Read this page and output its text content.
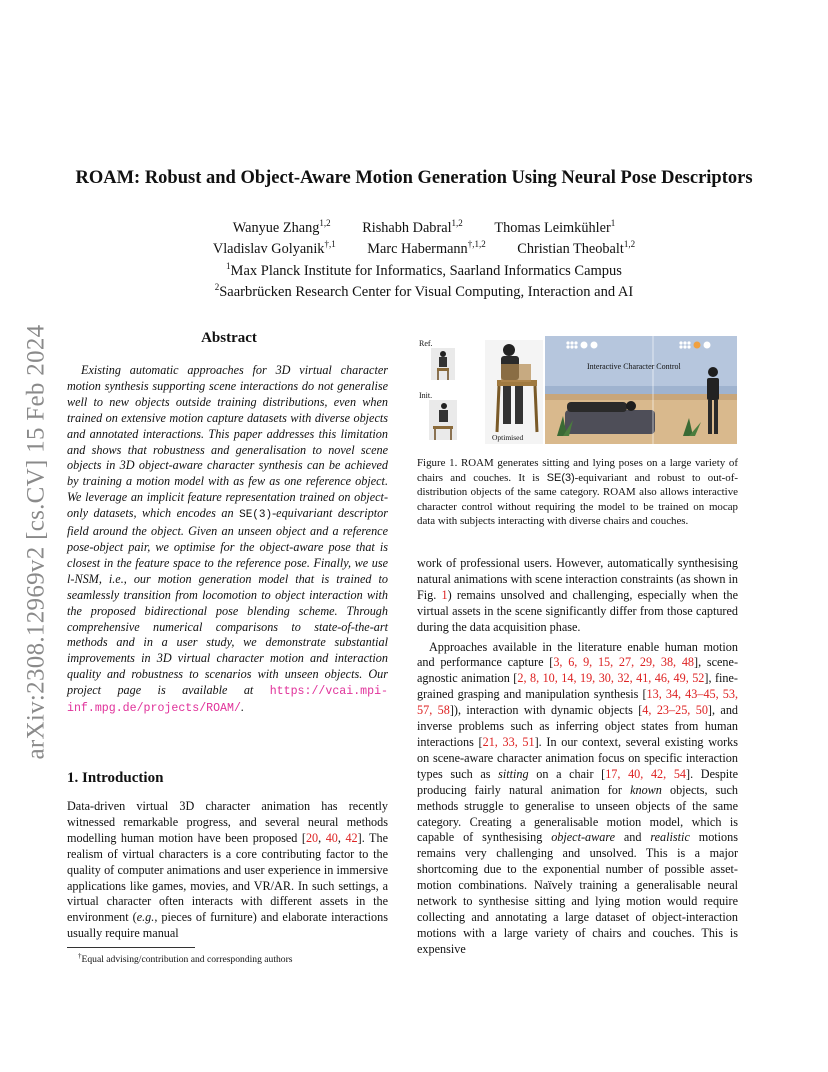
arXiv:2308.12969v2 [cs.CV] 15 Feb 2024
ROAM: Robust and Object-Aware Motion Generation Using Neural Pose Descriptors
Wanyue Zhang$^{1,2}$ Rishabh Dabral$^{1,2}$ Thomas Leimkühler$^1$
Vladislav Golyanik$^{\dagger,1}$ Marc Habermann$^{\dagger,1,2}$ Christian Theobalt$^{1,2}$
$^1$Max Planck Institute for Informatics, Saarland Informatics Campus
$^2$Saarbrücken Research Center for Visual Computing, Interaction and AI
Abstract
Existing automatic approaches for 3D virtual character motion synthesis supporting scene interactions do not generalise well to new objects outside training distributions, even when trained on extensive motion capture datasets with diverse objects and annotated interactions. This paper addresses this limitation and shows that robustness and generalisation to novel scene objects in 3D object-aware character synthesis can be achieved by training a motion model with as few as one reference object. We leverage an implicit feature representation trained on object-only datasets, which encodes an SE(3)-equivariant descriptor field around the object. Given an unseen object and a reference pose-object pair, we optimise for the object-aware pose that is closest in the feature space to the reference pose. Finally, we use l-NSM, i.e., our motion generation model that is trained to seamlessly transition from locomotion to object interaction with the proposed bidirectional pose blending scheme. Through comprehensive numerical comparisons to state-of-the-art methods and in a user study, we demonstrate substantial improvements in 3D virtual character motion and interaction quality and robustness to scenarios with unseen objects. Our project page is available at https://vcai.mpi-inf.mpg.de/projects/ROAM/.
1. Introduction
Data-driven virtual 3D character animation has recently witnessed remarkable progress, and several neural methods modelling human motion have been proposed [20, 40, 42]. The realism of virtual characters is a core contributing factor to the quality of computer animations and user experience in immersive applications like games, movies, and VR/AR. In such settings, a virtual character often interacts with different assets in the environment (e.g., pieces of furniture) and elaborate interactions usually require manual
†Equal advising/contribution and corresponding authors
Ref.
Init.
Optimised
Interactive Character Control
Figure 1. ROAM generates sitting and lying poses on a large variety of chairs and couches. It is SE(3)-equivariant and robust to out-of-distribution objects of the same category. ROAM also allows interactive character control without requiring the model to be trained on mocap data with subjects interacting with diverse chairs and couches.

work of professional users. However, automatically synthesising natural animations with scene interaction constraints (as shown in Fig. 1) remains unsolved and challenging, especially when the virtual assets in the scene significantly differ from those captured during the data acquisition phase.

Approaches available in the literature enable human motion and performance capture [3, 6, 9, 15, 27, 29, 38, 48], scene-agnostic animation [2, 8, 10, 14, 19, 30, 32, 41, 46, 49, 52], fine-grained grasping and manipulation synthesis [13, 34, 43–45, 53, 57, 58]), interaction with dynamic objects [4, 23–25, 50], and inverse problems such as inferring object states from human interactions [21, 33, 51]. In our context, several existing works on scene-aware character animation focus on specific interaction types such as sitting on a chair [17, 40, 42, 54]. Despite producing fairly natural animation for known objects, such methods struggle to generalise to unseen objects of the same category. Creating a generalisable motion model, which is capable of synthesising object-aware and realistic motions remains very challenging and unsolved. This is a major shortcoming due to the exponential number of possible asset-motion combinations. Naïvely training a generalisable neural network to synthesise sitting and lying motion would require collecting and annotating a large dataset of object-interaction motions with a large variety of chairs and couches. This is expensive
